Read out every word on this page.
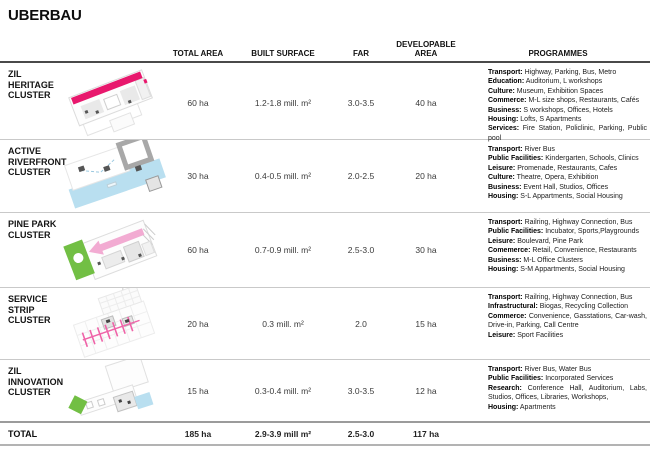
UBERBAU
TOTAL AREA	BUILT SURFACE	FAR
DEVELOPABLE AREA	PROGRAMMES
ZIL HERITAGE CLUSTER
60 ha	1.2-1.8 mill. m²	3.0-3.5	40 ha
Transport: Highway, Parking, Bus, Metro
Education: Auditorium, L workshops
Culture: Museum, Exhibition Spaces
Commerce: M-L size shops, Restaurants, Cafés
Business: S workshops, Offices, Hotels
Housing: Lofts, S Apartments
Services: Fire Station, Policlinic, Parking, Public pool
ACTIVE RIVERFRONT CLUSTER	30 ha	0.4-0.5 mill. m²	2.0-2.5	20 ha
Transport: River Bus
Public Facilities: Kindergarten, Schools, Clinics
Leisure: Promenade, Restaurants, Cafes
Culture: Theatre, Opera, Exhibition
Business: Event Hall, Studios, Offices
Housing: S-L Appartments, Social Housing
PINE PARK CLUSTER
60 ha	0.7-0.9 mill. m²	2.5-3.0	30 ha
Transport: Railring, Highway Connection, Bus
Public Facilities: Incubator, Sports,Playgrounds
Leisure: Boulevard, Pine Park
Comemerce: Retail, Convenience, Restaurants
Business: M-L Office Clusters
Housing: S-M Appartments, Social Housing
SERVICE STRIP CLUSTER	20 ha	0.3 mill. m²	2.0	15 ha
Transport: Railring, Highway Connection, Bus
Infrastructural: Biogas, Recycling Collection
Commerce: Convenience, Gasstations, Car-wash, Drive-in, Parking, Call Centre
Leisure: Sport Facilities
ZIL INNOVATION CLUSTER	15 ha	0.3-0.4 mill. m²	3.0-3.5	12 ha
Transport: River Bus, Water Bus
Public Facilities: Incorporated Services
Research: Conference Hall, Auditorium, Labs, Studios, Offices, Libraries, Workshops,
Housing: Apartments
TOTAL	185 ha	2.9-3.9 mill m²	2.5-3.0	117 ha
